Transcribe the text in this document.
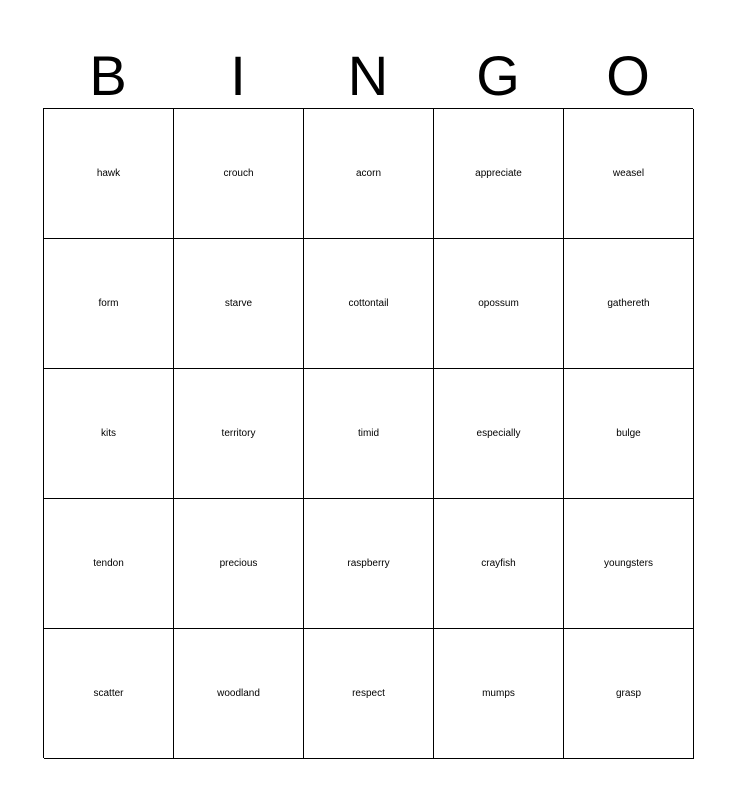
B	I	N	G	O
hawk	crouch	acorn	appreciate	weasel
form	starve	cottontail	opossum	gathereth
kits	territory	timid	especially	bulge
tendon	precious	raspberry	crayfish	youngsters
scatter	woodland	respect	mumps	grasp
